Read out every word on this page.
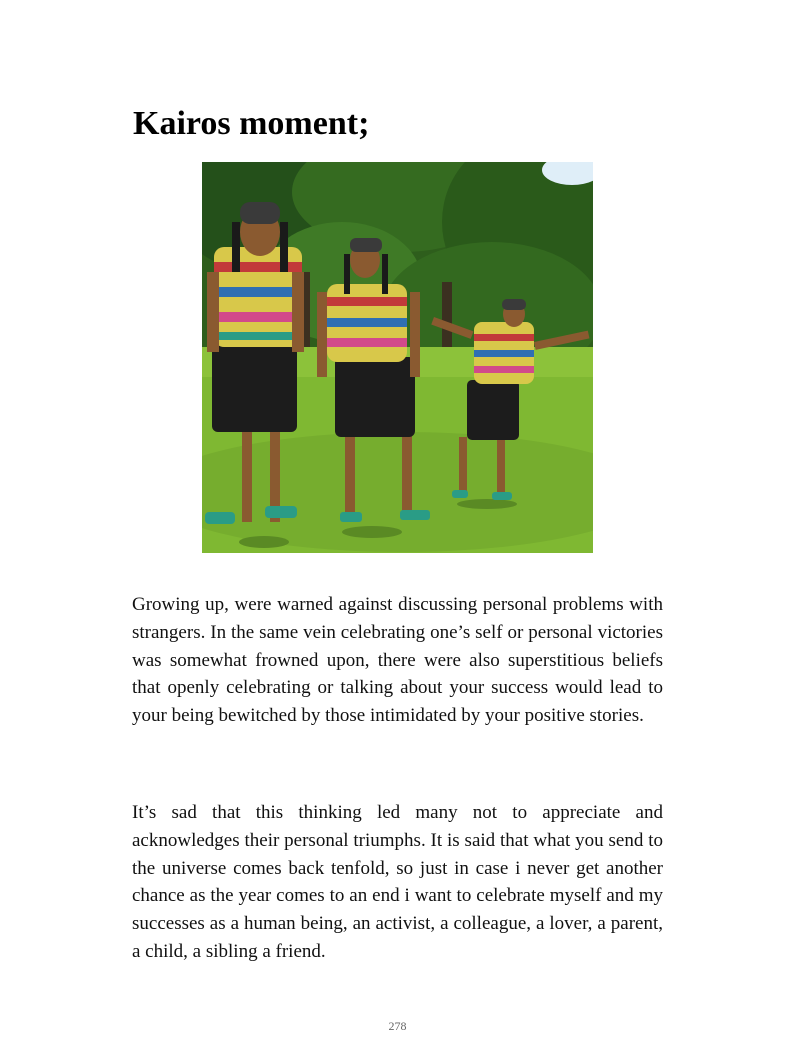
Kairos moment;

Growing up, were warned against discussing personal problems with strangers. In the same vein celebrating one’s self or personal victories was somewhat frowned upon, there were also superstitious beliefs that openly celebrating or talking about your success would lead to your being bewitched by those intimidated by your positive stories.

It’s sad that this thinking led many not to appreciate and acknowledges their personal triumphs. It is said that what you send to the universe comes back tenfold, so just in case i never get another chance as the year comes to an end i want to celebrate myself and my successes as a human being, an activist, a colleague, a lover, a parent, a child, a sibling a friend.

278
